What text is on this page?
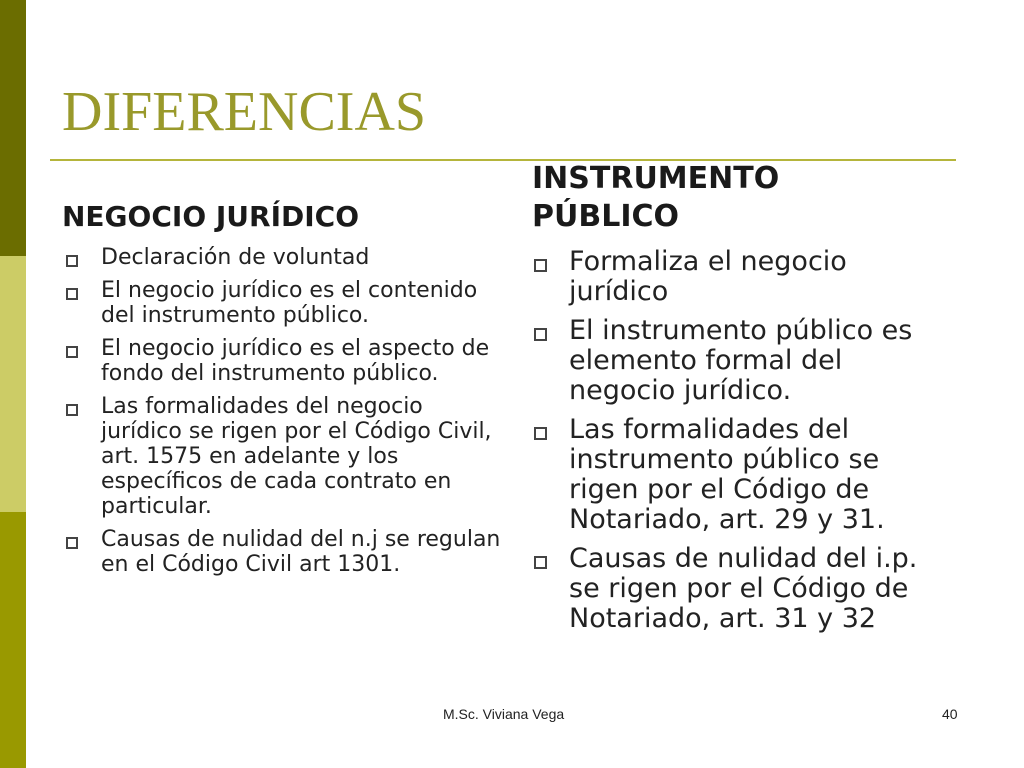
DIFERENCIAS
NEGOCIO JURÍDICO
Declaración de voluntad
El negocio jurídico es el contenido del instrumento público.
El negocio jurídico es el aspecto de fondo del instrumento público.
Las formalidades del negocio jurídico se rigen por el Código Civil, art. 1575 en adelante y los específicos de cada contrato en particular.
Causas de nulidad del n.j se regulan en el Código Civil art 1301.
INSTRUMENTO PÚBLICO
Formaliza el negocio jurídico
El instrumento público es elemento formal del negocio jurídico.
Las formalidades del instrumento público se rigen por el Código de Notariado, art. 29 y 31.
Causas de nulidad del i.p. se rigen por el Código de Notariado, art. 31 y 32
M.Sc. Viviana Vega	40
